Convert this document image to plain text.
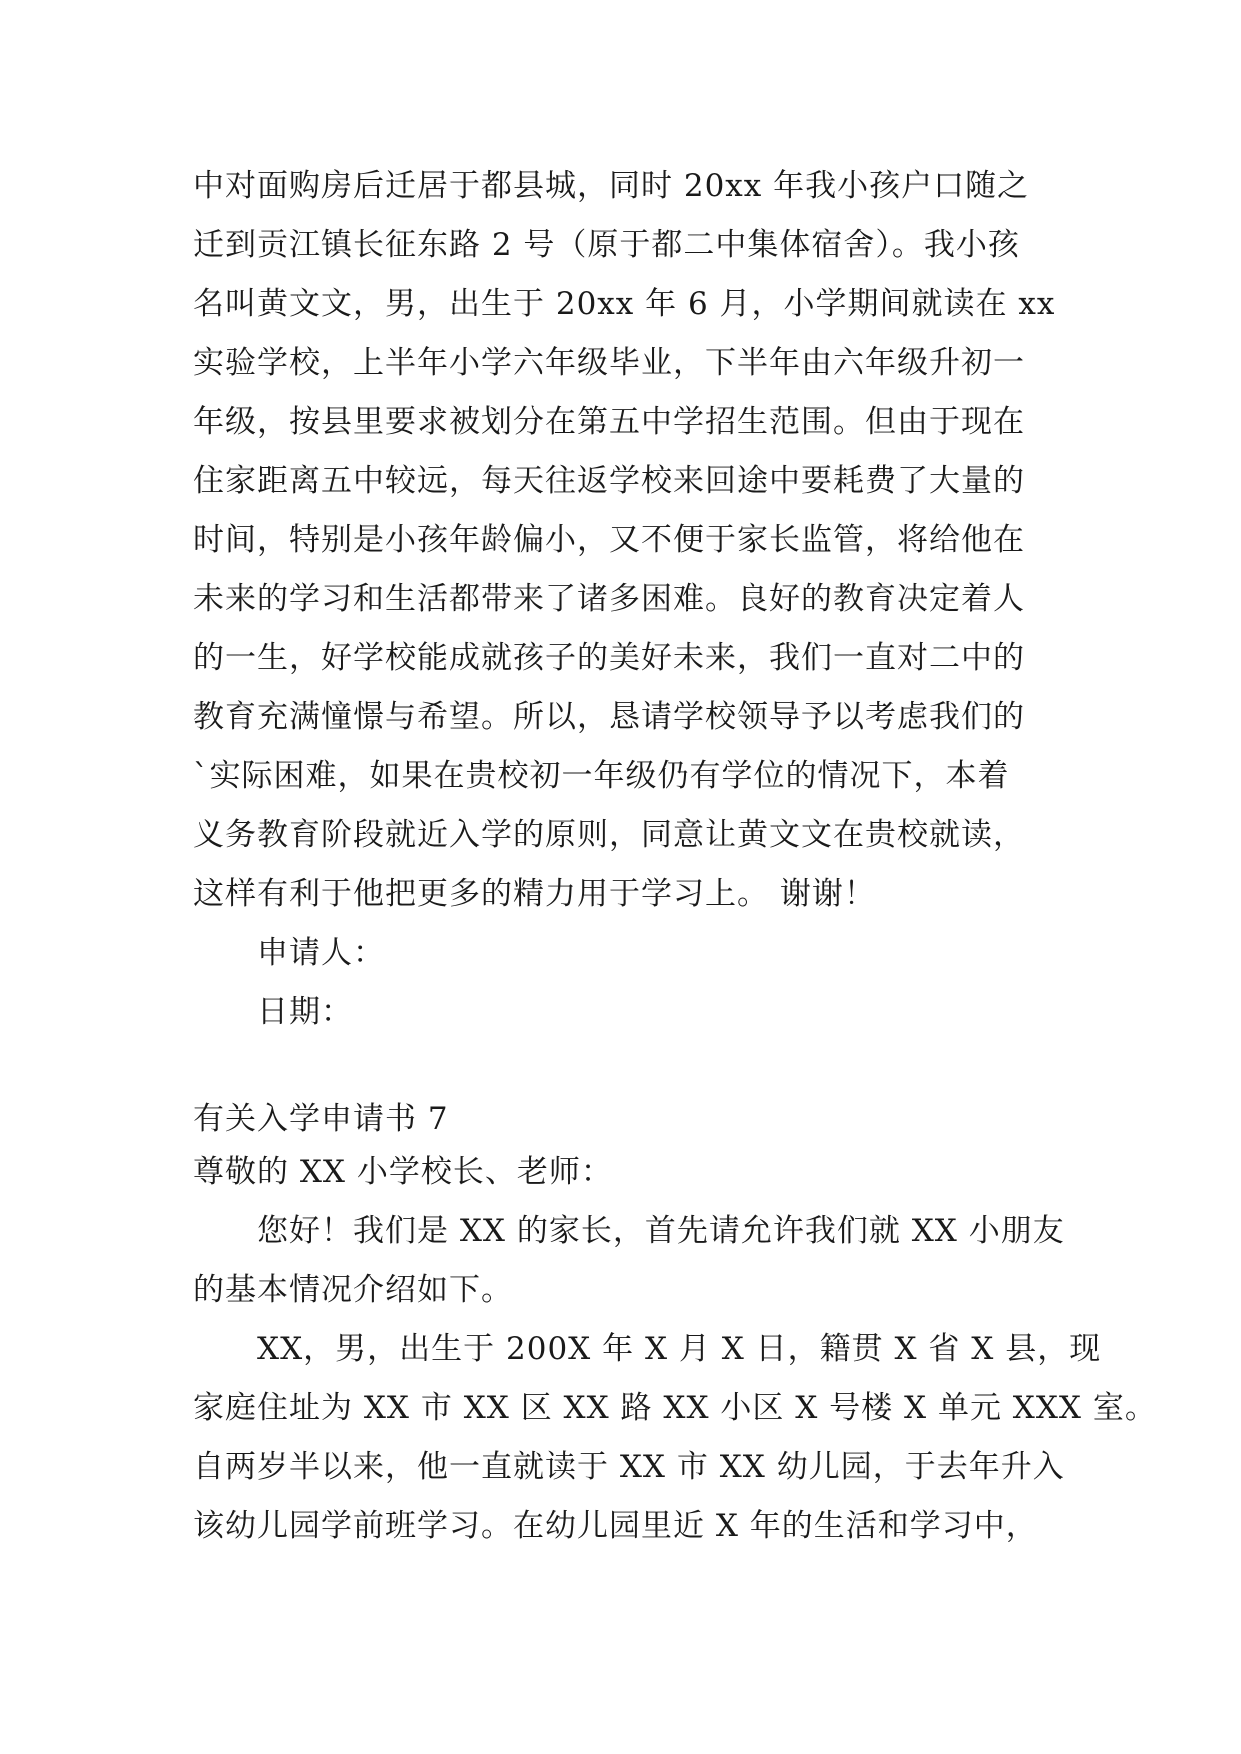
中对面购房后迁居于都县城，同时 20xx 年我小孩户口随之
迁到贡江镇长征东路 2 号（原于都二中集体宿舍）。我小孩
名叫黄文文，男，出生于 20xx 年 6 月，小学期间就读在 xx
实验学校，上半年小学六年级毕业，下半年由六年级升初一
年级，按县里要求被划分在第五中学招生范围。但由于现在
住家距离五中较远，每天往返学校来回途中要耗费了大量的
时间，特别是小孩年龄偏小，又不便于家长监管，将给他在
未来的学习和生活都带来了诸多困难。良好的教育决定着人
的一生，好学校能成就孩子的美好未来，我们一直对二中的
教育充满憧憬与希望。所以，恳请学校领导予以考虑我们的
`实际困难，如果在贵校初一年级仍有学位的情况下，本着
义务教育阶段就近入学的原则，同意让黄文文在贵校就读，
这样有利于他把更多的精力用于学习上。 谢谢！
申请人：
日期：
有关入学申请书 7
尊敬的 XX 小学校长、老师：
您好！我们是 XX 的家长，首先请允许我们就 XX 小朋友
的基本情况介绍如下。
XX，男，出生于 200X 年 X 月 X 日，籍贯 X 省 X 县，现
家庭住址为 XX 市 XX 区 XX 路 XX 小区 X 号楼 X 单元 XXX 室。
自两岁半以来，他一直就读于 XX 市 XX 幼儿园，于去年升入
该幼儿园学前班学习。在幼儿园里近 X 年的生活和学习中，
